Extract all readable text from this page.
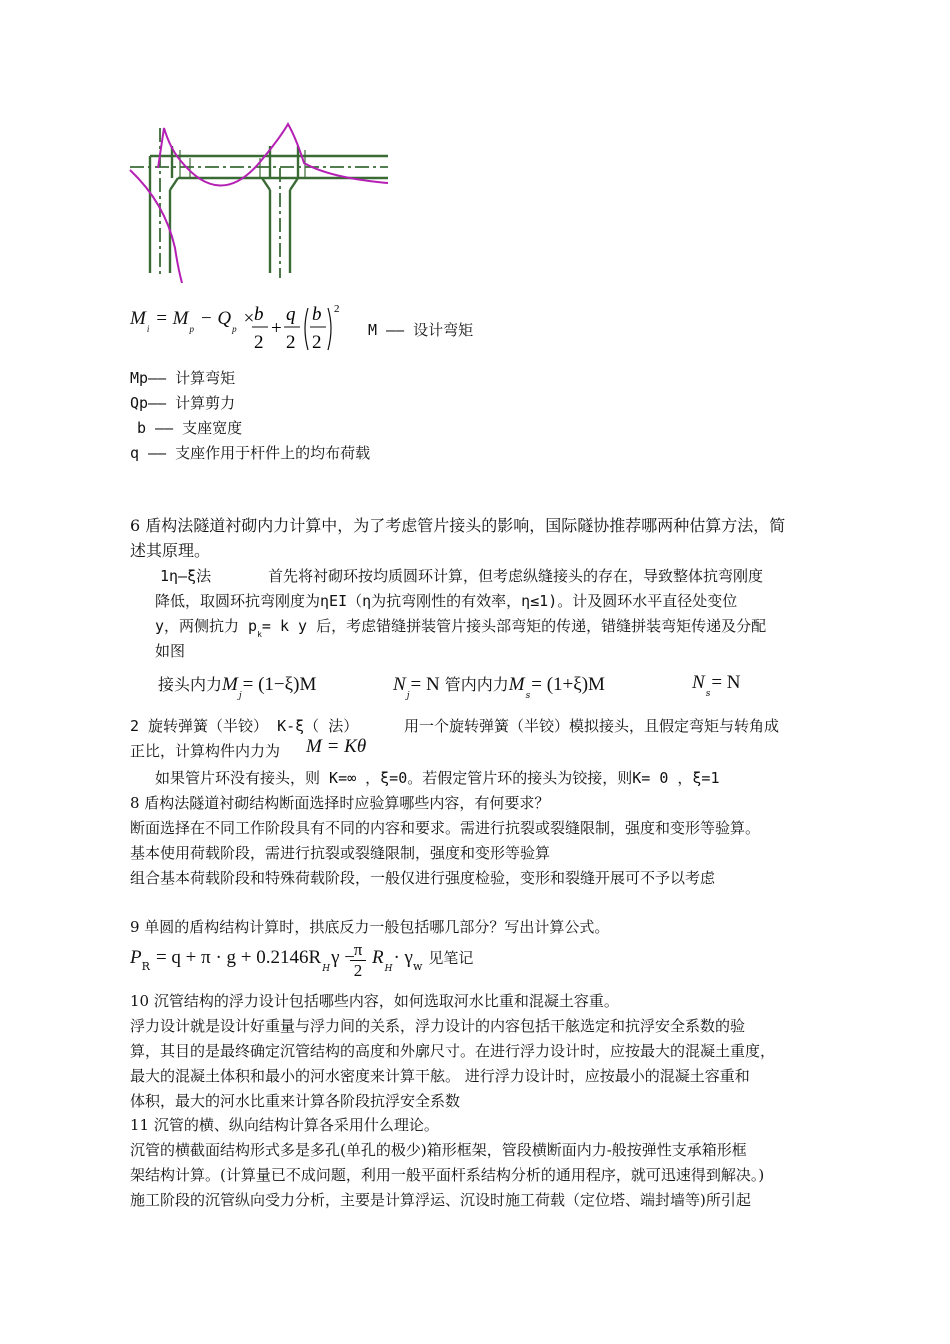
$M_i = M_p - Q_p$ ×
b
2
+
q
2
b
2
2
M —— 设计弯矩
Mp—— 计算弯矩
Qp—— 计算剪力
b —— 支座宽度
q —— 支座作用于杆件上的均布荷载
6 盾构法隧道衬砌内力计算中，为了考虑管片接头的影响，国际隧协推荐哪两种估算方法，简
述其原理。
1η—ξ法	首先将衬砌环按均质圆环计算，但考虑纵缝接头的存在，导致整体抗弯刚度
降低，取圆环抗弯刚度为ηEI（η为抗弯刚性的有效率，η≤1)。计及圆环水平直径处变位
y，两侧抗力 $p_k= k$ y 后，考虑错缝拼装管片接头部弯矩的传递，错缝拼装弯矩传递及分配
如图
接头内力$M_j= (1-\xi)M$	$N_j= N$ 管内内力$M_s= (1+\xi)M$	$N_s= N$
2 旋转弹簧（半铰） K-ξ（ 法）	用一个旋转弹簧（半铰）模拟接头，且假定弯矩与转角成
正比，计算构件内力为 M = Kθ
如果管片环没有接头，则 K=∞ ，ξ=0。若假定管片环的接头为铰接，则K= 0 ，ξ=1
8 盾构法隧道衬砌结构断面选择时应验算哪些内容，有何要求？
断面选择在不同工作阶段具有不同的内容和要求。需进行抗裂或裂缝限制，强度和变形等验算。
基本使用荷载阶段，需进行抗裂或裂缝限制，强度和变形等验算
组合基本荷载阶段和特殊荷载阶段，一般仅进行强度检验，变形和裂缝开展可不予以考虑
9 单圆的盾构结构计算时，拱底反力一般包括哪几部分？写出计算公式。
$P_R = q + \pi \cdot g + 0.2146R_H\gamma$ −
π
2
$R_H\cdot \gamma_w$ 见笔记
10 沉管结构的浮力设计包括哪些内容，如何选取河水比重和混凝土容重。
浮力设计就是设计好重量与浮力间的关系，浮力设计的内容包括干舷选定和抗浮安全系数的验
算，其目的是最终确定沉管结构的高度和外廓尺寸。在进行浮力设计时，应按最大的混凝土重度，
最大的混凝土体积和最小的河水密度来计算干舷。 进行浮力设计时，应按最小的混凝土容重和
体积，最大的河水比重来计算各阶段抗浮安全系数
11 沉管的横、纵向结构计算各采用什么理论。
沉管的横截面结构形式多是多孔(单孔的极少)箱形框架，管段横断面内力-般按弹性支承箱形框
架结构计算。(计算量已不成问题，利用一般平面杆系结构分析的通用程序，就可迅速得到解决。)
施工阶段的沉管纵向受力分析，主要是计算浮运、沉设时施工荷载（定位塔、端封墙等)所引起
